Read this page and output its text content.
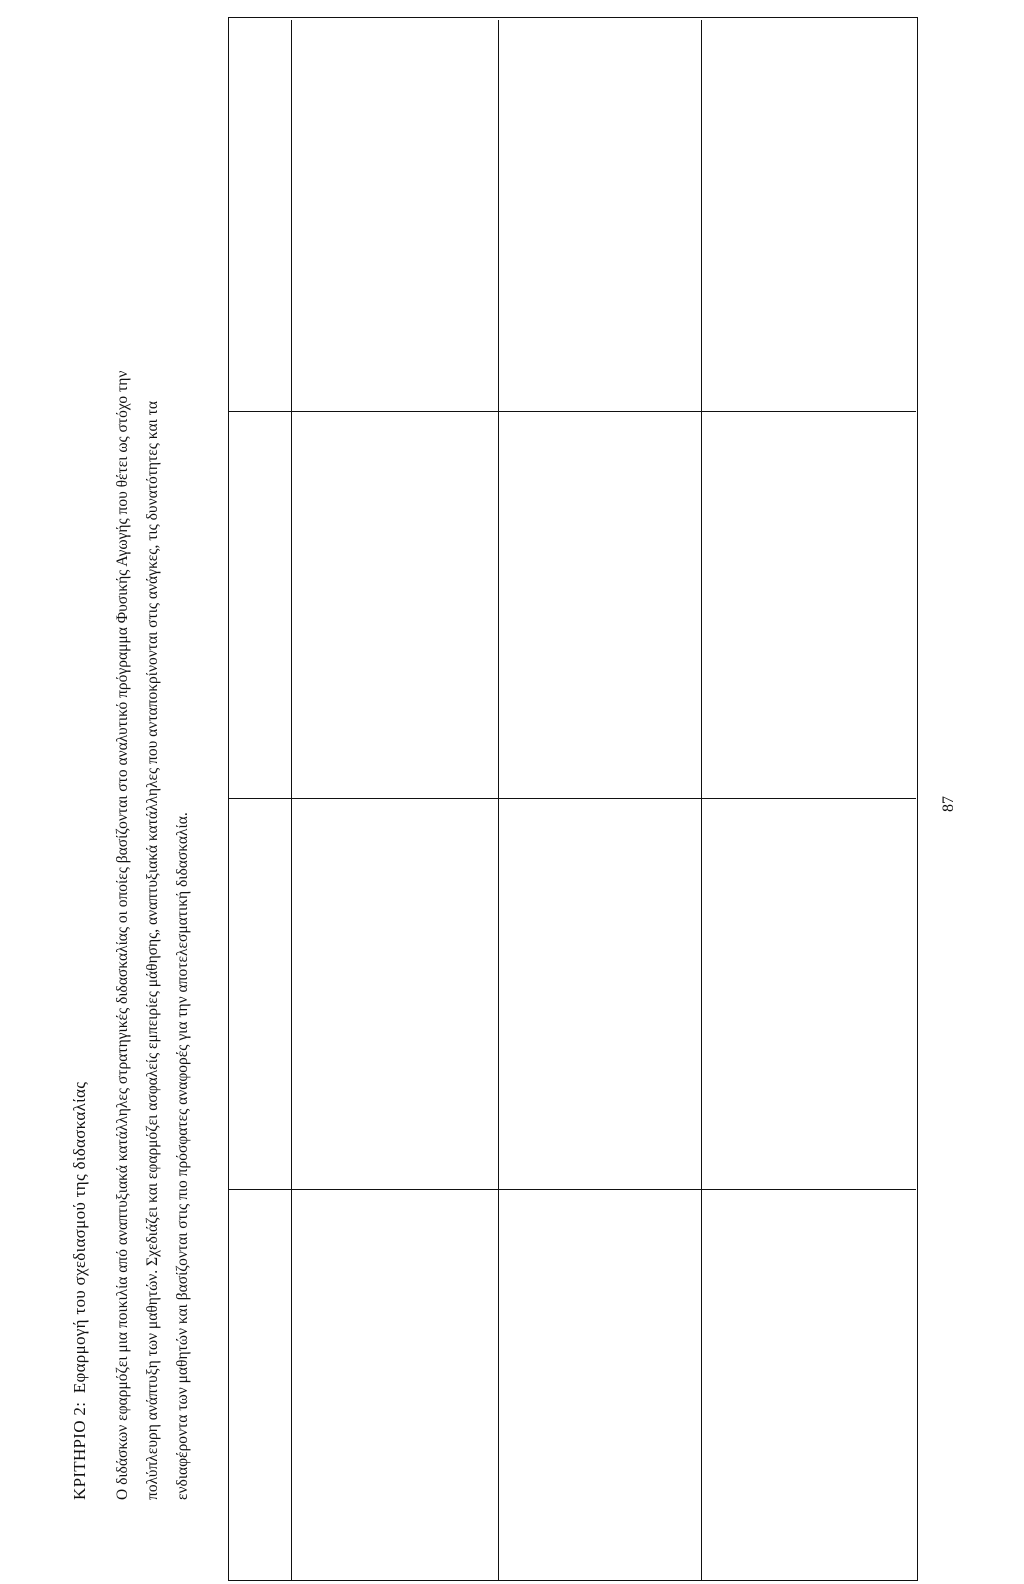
ΚΡΙΤΗΡΙΟ 2: Εφαρμογή του σχεδιασμού της διδασκαλίας	Ο διδάσκων εφαρμόζει μια ποικιλία από αναπτυξιακά κατάλληλες στρατηγικές διδασκαλίας οι οποίες βασίζονται στο αναλυτικό πρόγραμμα Φυσικής Αγωγής που θέτει ως στόχο την πολύπλευρη ανάπτυξη των μαθητών. Σχεδιάζει και εφαρμόζει ασφαλείς εμπειρίες μάθησης, αναπτυξιακά κατάλληλες που ανταποκρίνονται στις ανάγκες, τις δυνατότητες και τα ενδιαφέροντα των μαθητών και βασίζονται στις πιο πρόσφατες αναφορές για την αποτελεσματική διδασκαλία.
87
